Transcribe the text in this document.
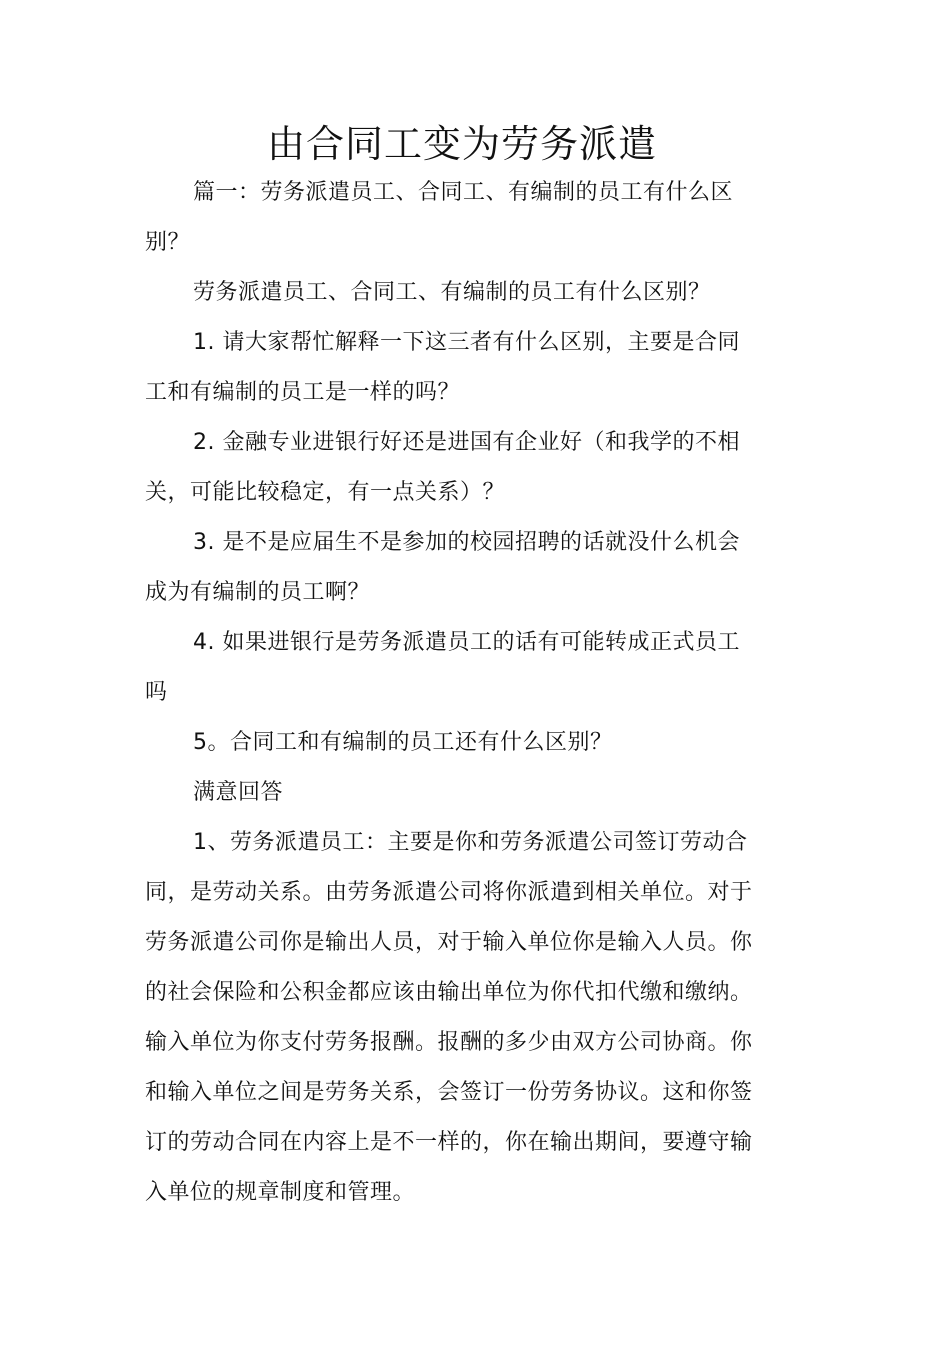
由合同工变为劳务派遣

篇一：劳务派遣员工、合同工、有编制的员工有什么区别？

劳务派遣员工、合同工、有编制的员工有什么区别？

1. 请大家帮忙解释一下这三者有什么区别，主要是合同工和有编制的员工是一样的吗？

2. 金融专业进银行好还是进国有企业好（和我学的不相关，可能比较稳定，有一点关系）？

3. 是不是应届生不是参加的校园招聘的话就没什么机会成为有编制的员工啊？

4. 如果进银行是劳务派遣员工的话有可能转成正式员工吗

5。合同工和有编制的员工还有什么区别？

满意回答

1、劳务派遣员工：主要是你和劳务派遣公司签订劳动合同，是劳动关系。由劳务派遣公司将你派遣到相关单位。对于劳务派遣公司你是输出人员，对于输入单位你是输入人员。你的社会保险和公积金都应该由输出单位为你代扣代缴和缴纳。输入单位为你支付劳务报酬。报酬的多少由双方公司协商。你和输入单位之间是劳务关系，会签订一份劳务协议。这和你签订的劳动合同在内容上是不一样的，你在输出期间，要遵守输入单位的规章制度和管理。
